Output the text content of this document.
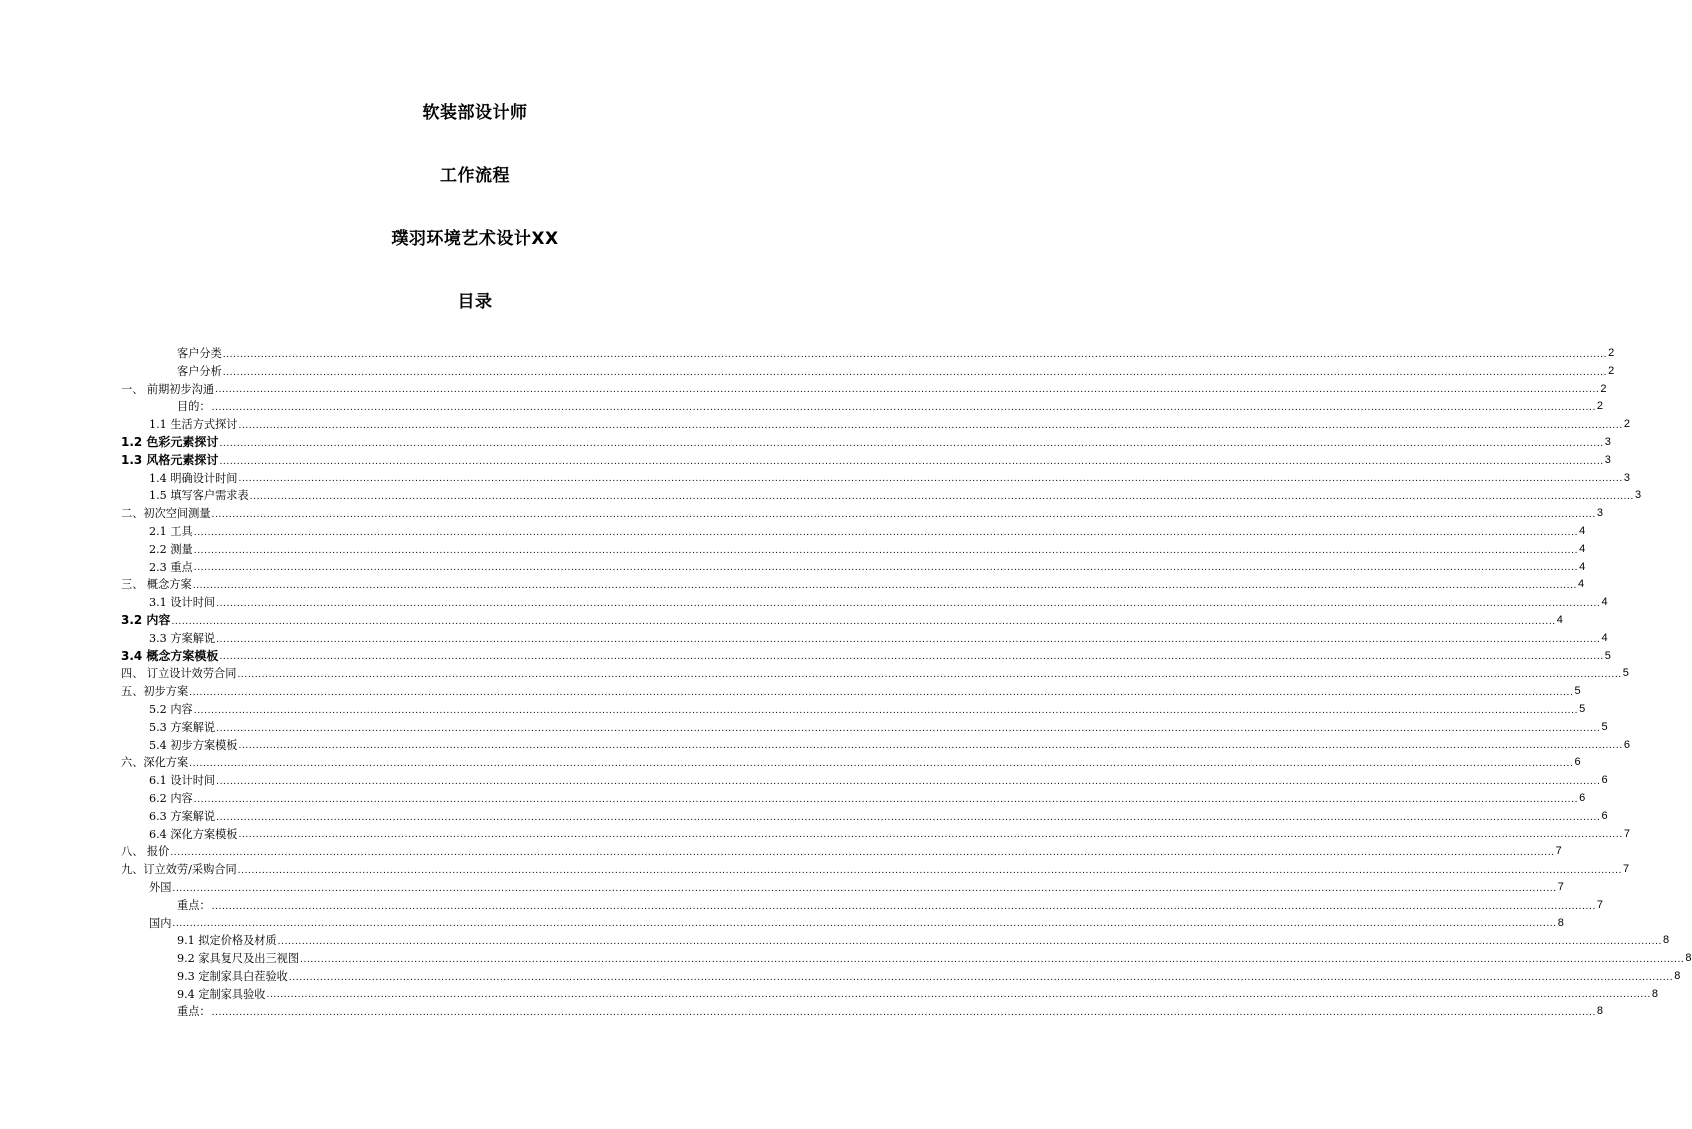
软装部设计师
工作流程
璞羽环境艺术设计XX
目录
客户分类 ................................................................................................................................................................................................................................................................................................................................................................................................................ 2
客户分析 ................................................................................................................................................................................................................................................................................................................................................................................................................ 2
一、 前期初步沟通 ................................................................................................................................................................................................................................................................................................................................................................................................................ 2
目的： ................................................................................................................................................................................................................................................................................................................................................................................................................ 2
1.1 生活方式探讨 ................................................................................................................................................................................................................................................................................................................................................................................................................ 2
1.2 色彩元素探讨 ................................................................................................................................................................................................................................................................................................................................................................................................................ 3
1.3 风格元素探讨 ................................................................................................................................................................................................................................................................................................................................................................................................................ 3
1.4 明确设计时间 ................................................................................................................................................................................................................................................................................................................................................................................................................ 3
1.5 填写客户需求表 ................................................................................................................................................................................................................................................................................................................................................................................................................ 3
二、初次空间测量 ................................................................................................................................................................................................................................................................................................................................................................................................................ 3
2.1 工具 ................................................................................................................................................................................................................................................................................................................................................................................................................ 4
2.2 测量 ................................................................................................................................................................................................................................................................................................................................................................................................................ 4
2.3 重点 ................................................................................................................................................................................................................................................................................................................................................................................................................ 4
三、 概念方案 ................................................................................................................................................................................................................................................................................................................................................................................................................ 4
3.1 设计时间 ................................................................................................................................................................................................................................................................................................................................................................................................................ 4
3.2 内容 ................................................................................................................................................................................................................................................................................................................................................................................................................ 4
3.3 方案解说 ................................................................................................................................................................................................................................................................................................................................................................................................................ 4
3.4 概念方案模板 ................................................................................................................................................................................................................................................................................................................................................................................................................ 5
四、 订立设计效劳合同 ................................................................................................................................................................................................................................................................................................................................................................................................................ 5
五、初步方案 ................................................................................................................................................................................................................................................................................................................................................................................................................ 5
5.2 内容 ................................................................................................................................................................................................................................................................................................................................................................................................................ 5
5.3 方案解说 ................................................................................................................................................................................................................................................................................................................................................................................................................ 5
5.4 初步方案模板 ................................................................................................................................................................................................................................................................................................................................................................................................................ 6
六、深化方案 ................................................................................................................................................................................................................................................................................................................................................................................................................ 6
6.1 设计时间 ................................................................................................................................................................................................................................................................................................................................................................................................................ 6
6.2 内容 ................................................................................................................................................................................................................................................................................................................................................................................................................ 6
6.3 方案解说 ................................................................................................................................................................................................................................................................................................................................................................................................................ 6
6.4 深化方案模板 ................................................................................................................................................................................................................................................................................................................................................................................................................ 7
八、 报价 ................................................................................................................................................................................................................................................................................................................................................................................................................ 7
九、订立效劳/采购合同 ................................................................................................................................................................................................................................................................................................................................................................................................................ 7
外国 ................................................................................................................................................................................................................................................................................................................................................................................................................ 7
重点： ................................................................................................................................................................................................................................................................................................................................................................................................................ 7
国内 ................................................................................................................................................................................................................................................................................................................................................................................................................ 8
9.1 拟定价格及材质 ................................................................................................................................................................................................................................................................................................................................................................................................................ 8
9.2 家具复尺及出三视图 ................................................................................................................................................................................................................................................................................................................................................................................................................ 8
9.3 定制家具白茬验收 ................................................................................................................................................................................................................................................................................................................................................................................................................ 8
9.4 定制家具验收 ................................................................................................................................................................................................................................................................................................................................................................................................................ 8
重点： ................................................................................................................................................................................................................................................................................................................................................................................................................ 8
